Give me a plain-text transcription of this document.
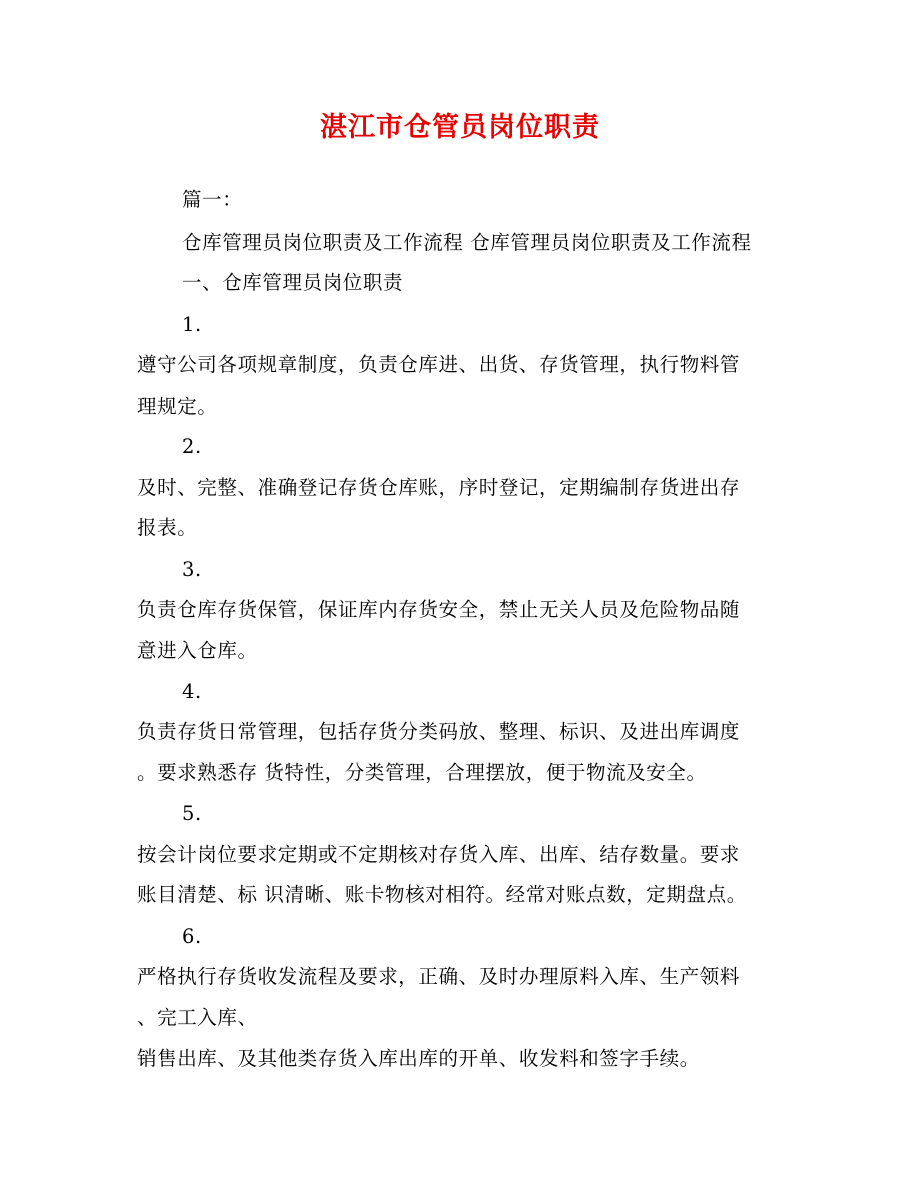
湛江市仓管员岗位职责
篇一：
仓库管理员岗位职责及工作流程 仓库管理员岗位职责及工作流程
一、仓库管理员岗位职责
1.
遵守公司各项规章制度，负责仓库进、出货、存货管理，执行物料管
理规定。
2.
及时、完整、准确登记存货仓库账，序时登记，定期编制存货进出存
报表。
3.
负责仓库存货保管，保证库内存货安全，禁止无关人员及危险物品随
意进入仓库。
4.
负责存货日常管理，包括存货分类码放、整理、标识、及进出库调度
。要求熟悉存 货特性，分类管理，合理摆放，便于物流及安全。
5.
按会计岗位要求定期或不定期核对存货入库、出库、结存数量。要求
账目清楚、标 识清晰、账卡物核对相符。经常对账点数，定期盘点。
6.
严格执行存货收发流程及要求，正确、及时办理原料入库、生产领料
、完工入库、
销售出库、及其他类存货入库出库的开单、收发料和签字手续。
